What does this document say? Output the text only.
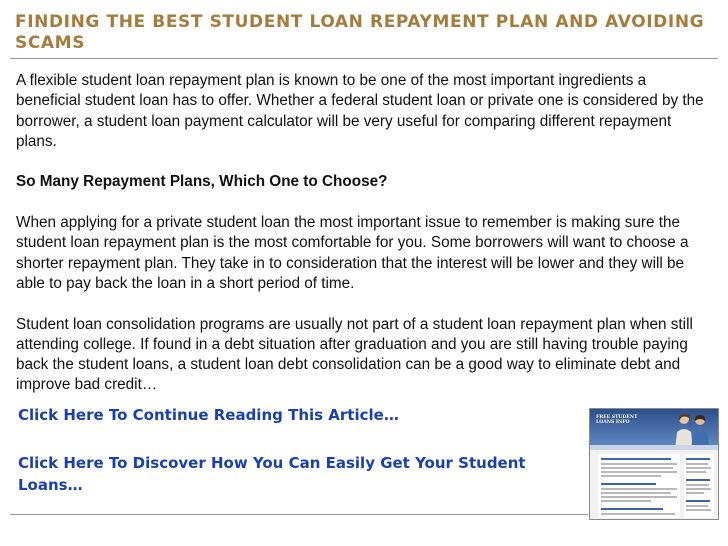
FINDING THE BEST STUDENT LOAN REPAYMENT PLAN AND AVOIDING SCAMS

A flexible student loan repayment plan is known to be one of the most important ingredients a beneficial student loan has to offer. Whether a federal student loan or private one is considered by the borrower, a student loan payment calculator will be very useful for comparing different repayment plans.

So Many Repayment Plans, Which One to Choose?

When applying for a private student loan the most important issue to remember is making sure the student loan repayment plan is the most comfortable for you. Some borrowers will want to choose a shorter repayment plan. They take in to consideration that the interest will be lower and they will be able to pay back the loan in a short period of time.

Student loan consolidation programs are usually not part of a student loan repayment plan when still attending college. If found in a debt situation after graduation and you are still having trouble paying back the student loans, a student loan debt consolidation can be a good way to eliminate debt and improve bad credit…

Click Here To Continue Reading This Article…
Click Here To Discover How You Can Easily Get Your Student Loans…
FREE STUDENT LOANS INFO
